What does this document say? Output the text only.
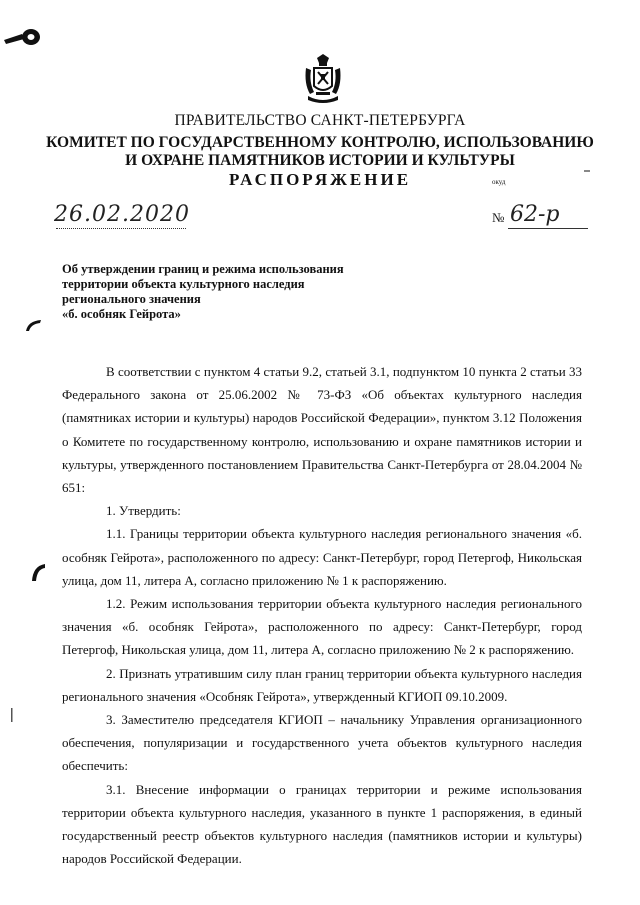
ПРАВИТЕЛЬСТВО САНКТ-ПЕТЕРБУРГА
КОМИТЕТ ПО ГОСУДАРСТВЕННОМУ КОНТРОЛЮ, ИСПОЛЬЗОВАНИЮ
И ОХРАНЕ ПАМЯТНИКОВ ИСТОРИИ И КУЛЬТУРЫ
РАСПОРЯЖЕНИЕ	окуд
26.02.2020	№ 62-р
Об утверждении границ и режима использования
территории объекта культурного наследия
регионального значения
«б. особняк Гейрота»

В соответствии с пунктом 4 статьи 9.2, статьей 3.1, подпунктом 10 пункта 2 статьи 33 Федерального закона от 25.06.2002 № 73-ФЗ «Об объектах культурного наследия (памятниках истории и культуры) народов Российской Федерации», пунктом 3.12 Положения о Комитете по государственному контролю, использованию и охране памятников истории и культуры, утвержденного постановлением Правительства Санкт-Петербурга от 28.04.2004 № 651:

1. Утвердить:

1.1. Границы территории объекта культурного наследия регионального значения «б. особняк Гейрота», расположенного по адресу: Санкт-Петербург, город Петергоф, Никольская улица, дом 11, литера А, согласно приложению № 1 к распоряжению.

1.2. Режим использования территории объекта культурного наследия регионального значения «б. особняк Гейрота», расположенного по адресу: Санкт-Петербург, город Петергоф, Никольская улица, дом 11, литера А, согласно приложению № 2 к распоряжению.

2. Признать утратившим силу план границ территории объекта культурного наследия регионального значения «Особняк Гейрота», утвержденный КГИОП 09.10.2009.

3. Заместителю председателя КГИОП – начальнику Управления организационного обеспечения, популяризации и государственного учета объектов культурного наследия обеспечить:

3.1. Внесение информации о границах территории и режиме использования территории объекта культурного наследия, указанного в пункте 1 распоряжения, в единый государственный реестр объектов культурного наследия (памятников истории и культуры) народов Российской Федерации.
